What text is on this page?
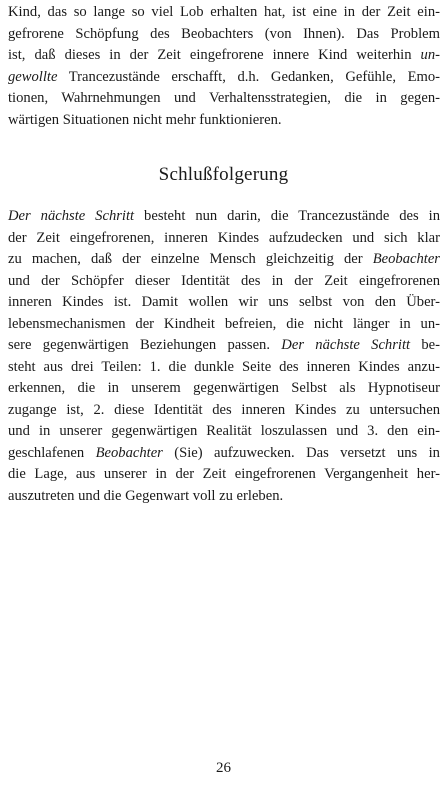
Kind, das so lange so viel Lob erhalten hat, ist eine in der Zeit ein-
gefrorene Schöpfung des Beobachters (von Ihnen). Das Problem
ist, daß dieses in der Zeit eingefrorene innere Kind weiterhin un-
gewollte Trancezustände erschafft, d.h. Gedanken, Gefühle, Emo-
tionen, Wahrnehmungen und Verhaltensstrategien, die in gegen-
wärtigen Situationen nicht mehr funktionieren.
Schlußfolgerung
Der nächste Schritt besteht nun darin, die Trancezustände des in
der Zeit eingefrorenen, inneren Kindes aufzudecken und sich klar
zu machen, daß der einzelne Mensch gleichzeitig der Beobachter
und der Schöpfer dieser Identität des in der Zeit eingefrorenen
inneren Kindes ist. Damit wollen wir uns selbst von den Über-
lebensmechanismen der Kindheit befreien, die nicht länger in un-
sere gegenwärtigen Beziehungen passen. Der nächste Schritt be-
steht aus drei Teilen: 1. die dunkle Seite des inneren Kindes anzu-
erkennen, die in unserem gegenwärtigen Selbst als Hypnotiseur
zugange ist, 2. diese Identität des inneren Kindes zu untersuchen
und in unserer gegenwärtigen Realität loszulassen und 3. den ein-
geschlafenen Beobachter (Sie) aufzuwecken. Das versetzt uns in
die Lage, aus unserer in der Zeit eingefrorenen Vergangenheit her-
auszutreten und die Gegenwart voll zu erleben.
26
